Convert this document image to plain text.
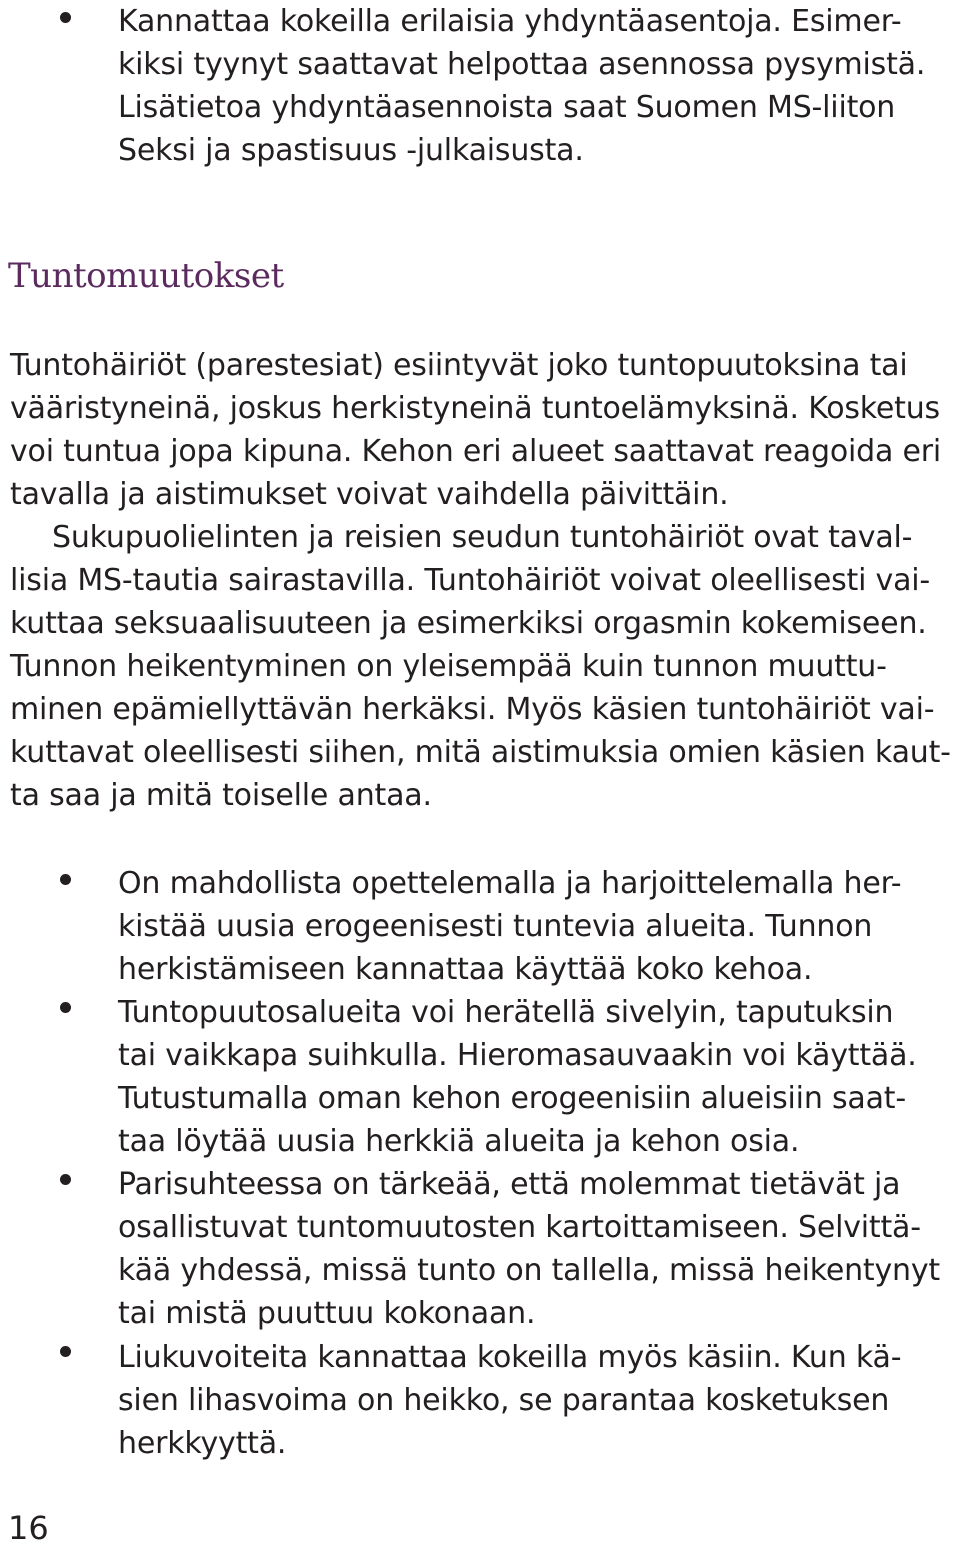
Kannattaa kokeilla erilaisia yhdyntäasentoja. Esimer-
kiksi tyynyt saattavat helpottaa asennossa pysymistä.
Lisätietoa yhdyntäasennoista saat Suomen MS-liiton
Seksi ja spastisuus -julkaisusta.
Tuntomuutokset
Tuntohäiriöt (parestesiat) esiintyvät joko tuntopuutoksina tai
vääristyneinä, joskus herkistyneinä tuntoelämyksinä. Kosketus
voi tuntua jopa kipuna. Kehon eri alueet saattavat reagoida eri
tavalla ja aistimukset voivat vaihdella päivittäin.
Sukupuolielinten ja reisien seudun tuntohäiriöt ovat taval-
lisia MS-tautia sairastavilla. Tuntohäiriöt voivat oleellisesti vai-
kuttaa seksuaalisuuteen ja esimerkiksi orgasmin kokemiseen.
Tunnon heikentyminen on yleisempää kuin tunnon muuttu-
minen epämiellyttävän herkäksi. Myös käsien tuntohäiriöt vai-
kuttavat oleellisesti siihen, mitä aistimuksia omien käsien kaut-
ta saa ja mitä toiselle antaa.
On mahdollista opettelemalla ja harjoittelemalla her-
kistää uusia erogeenisesti tuntevia alueita. Tunnon
herkistämiseen kannattaa käyttää koko kehoa.
Tuntopuutosalueita voi herätellä sivelyin, taputuksin
tai vaikkapa suihkulla. Hieromasauvaakin voi käyttää.
Tutustumalla oman kehon erogeenisiin alueisiin saat-
taa löytää uusia herkkiä alueita ja kehon osia.
Parisuhteessa on tärkeää, että molemmat tietävät ja
osallistuvat tuntomuutosten kartoittamiseen. Selvittä-
kää yhdessä, missä tunto on tallella, missä heikentynyt
tai mistä puuttuu kokonaan.
Liukuvoiteita kannattaa kokeilla myös käsiin. Kun kä-
sien lihasvoima on heikko, se parantaa kosketuksen
herkkyyttä.
16
